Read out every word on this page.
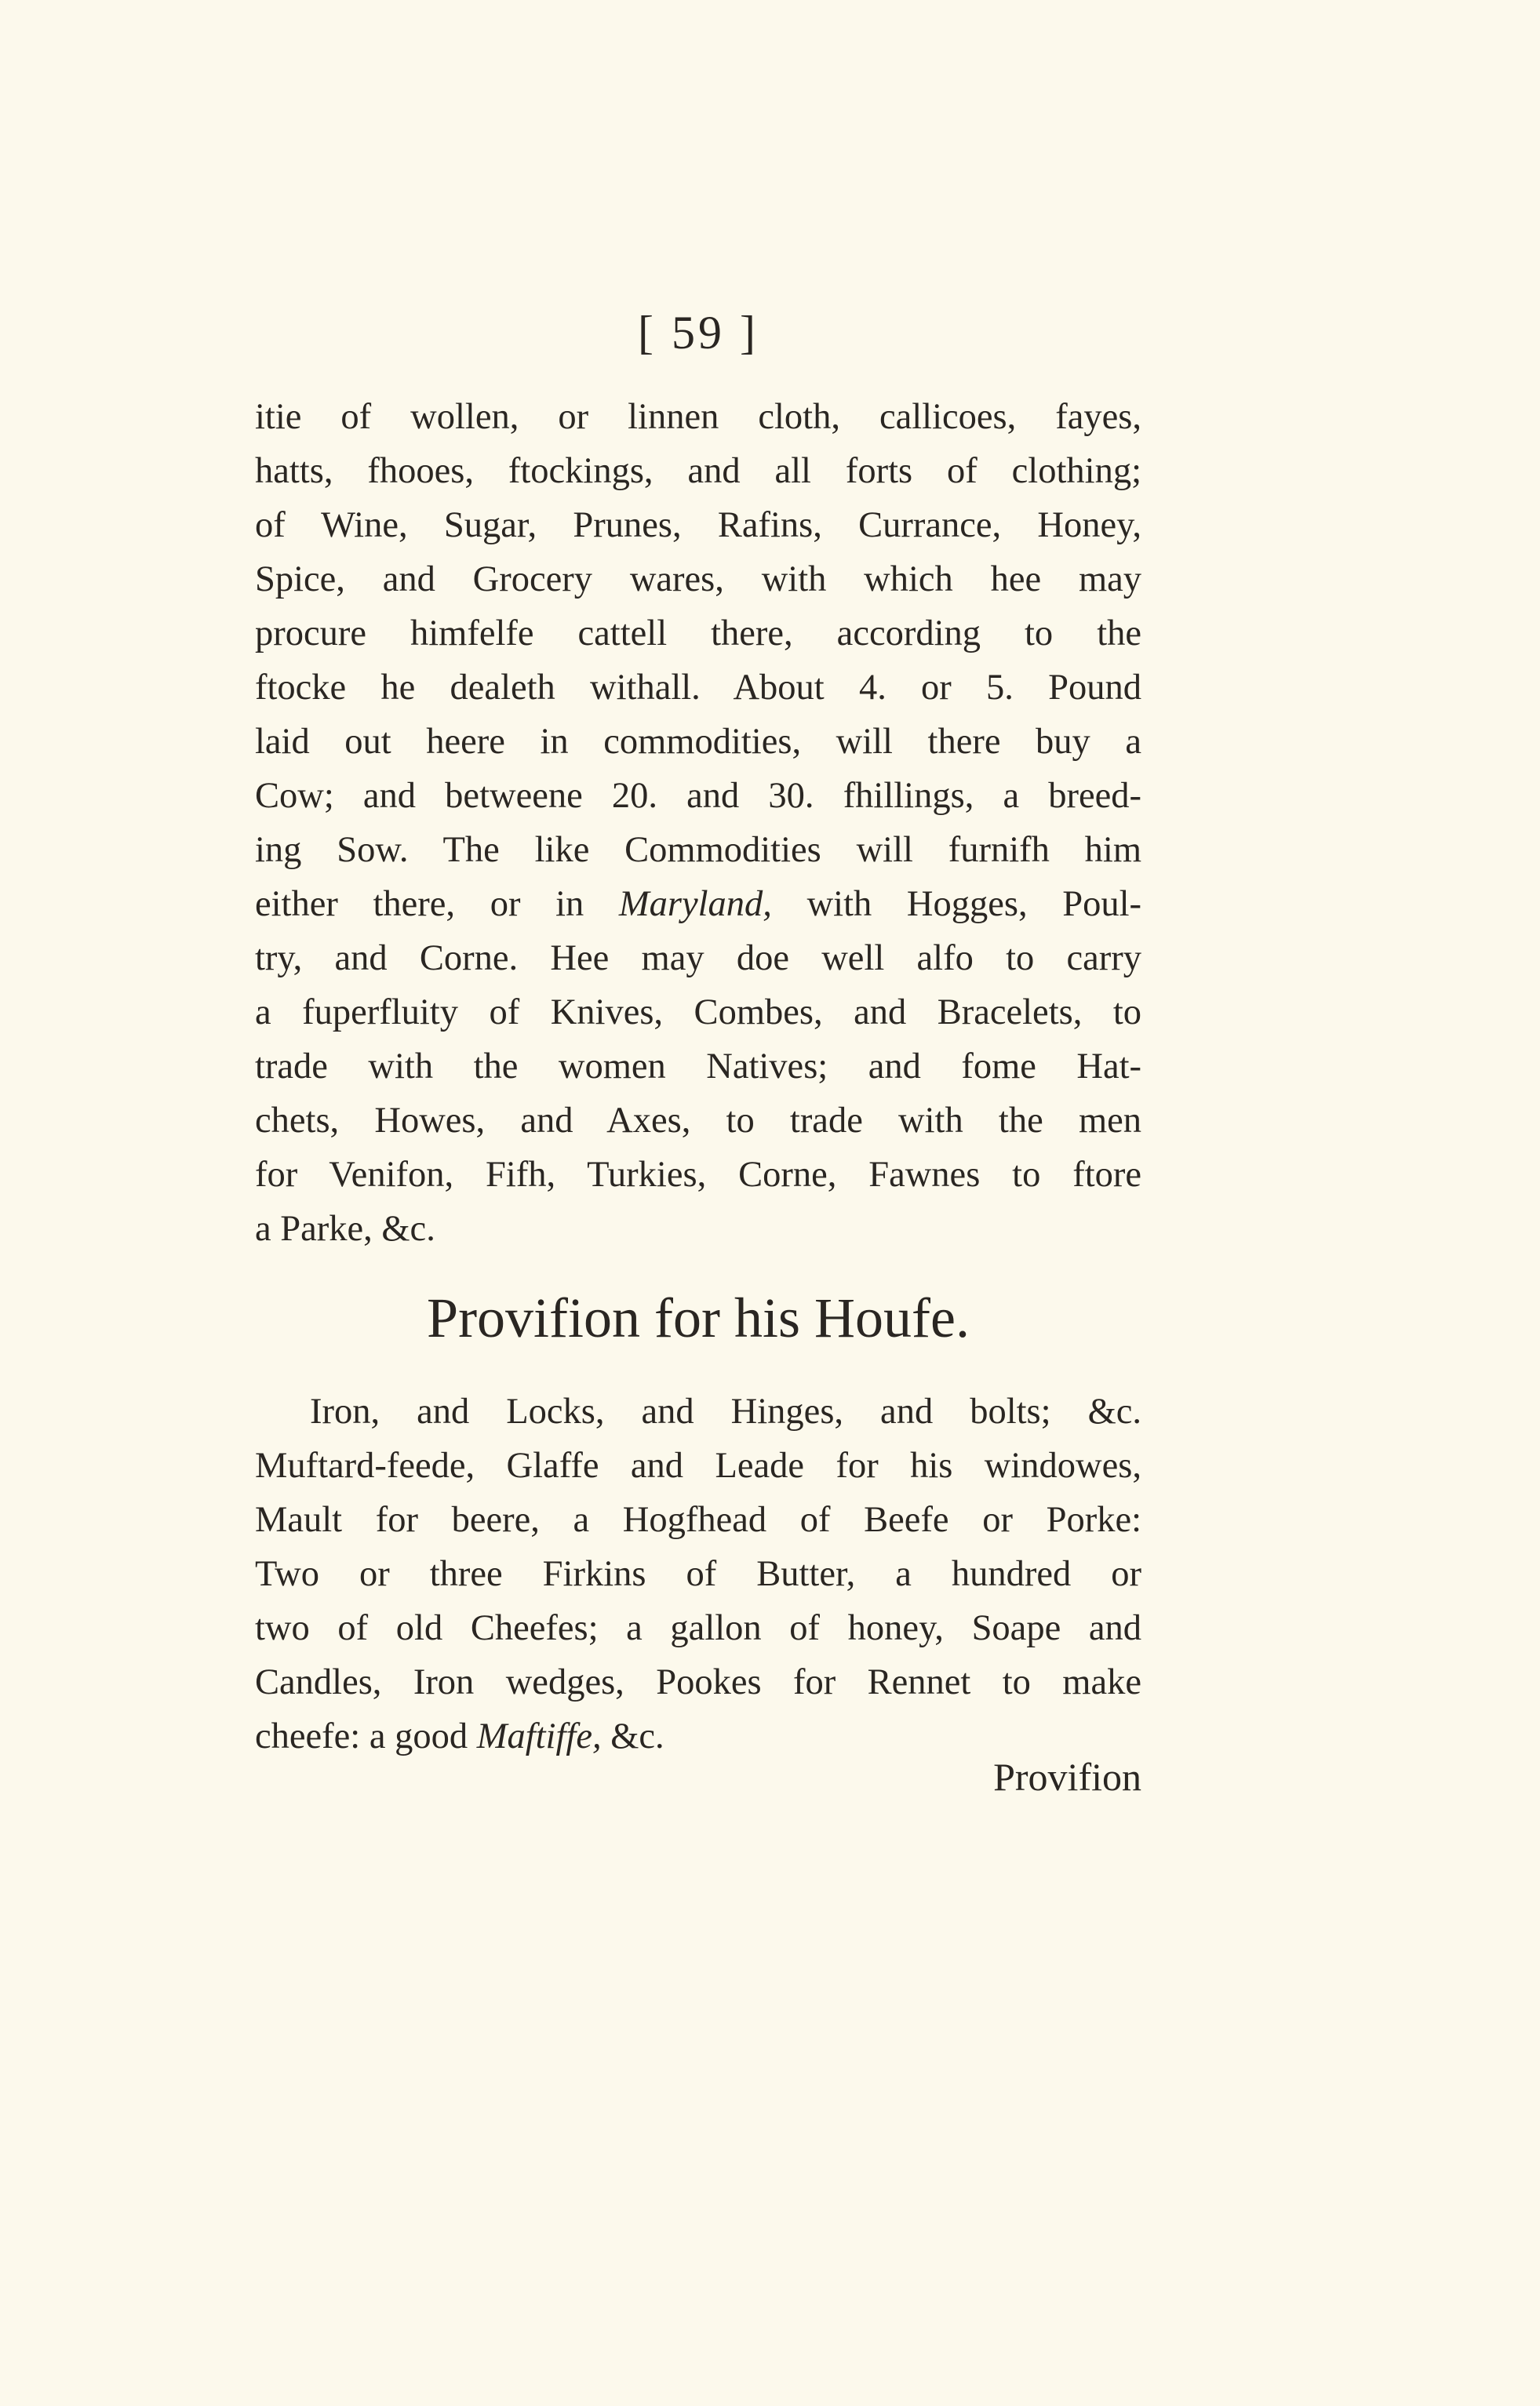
[ 59 ]
itie of wollen, or linnen cloth, callicoes, fayes,
hatts, fhooes, ftockings, and all forts of clothing;
of Wine, Sugar, Prunes, Rafins, Currance, Honey,
Spice, and Grocery wares, with which hee may
procure himfelfe cattell there, according to the
ftocke he dealeth withall. About 4. or 5. Pound
laid out heere in commodities, will there buy a
Cow; and betweene 20. and 30. fhillings, a breed-
ing Sow. The like Commodities will furnifh him
either there, or in Maryland, with Hogges, Poul-
try, and Corne. Hee may doe well alfo to carry
a fuperfluity of Knives, Combes, and Bracelets, to
trade with the women Natives; and fome Hat-
chets, Howes, and Axes, to trade with the men
for Venifon, Fifh, Turkies, Corne, Fawnes to ftore
a Parke, &c.
Provifion for his Houfe.
Iron, and Locks, and Hinges, and bolts; &c.
Muftard-feede, Glaffe and Leade for his windowes,
Mault for beere, a Hogfhead of Beefe or Porke:
Two or three Firkins of Butter, a hundred or
two of old Cheefes; a gallon of honey, Soape and
Candles, Iron wedges, Pookes for Rennet to make
cheefe: a good Maftiffe, &c.
Provifion
